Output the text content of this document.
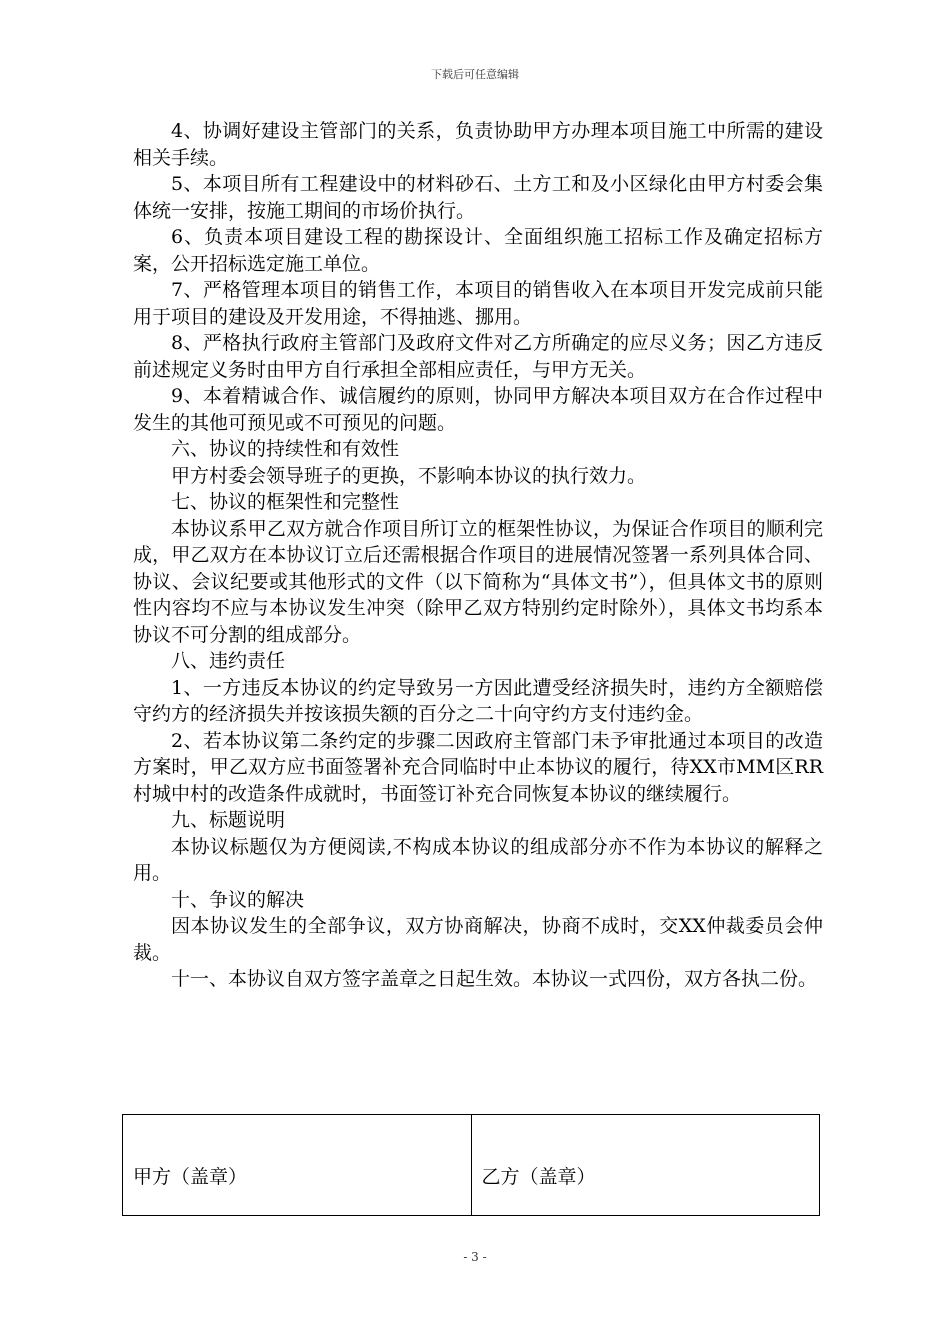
下载后可任意编辑

4、协调好建设主管部门的关系，负责协助甲方办理本项目施工中所需的建设相关手续。

5、本项目所有工程建设中的材料砂石、土方工和及小区绿化由甲方村委会集体统一安排，按施工期间的市场价执行。

6、负责本项目建设工程的勘探设计、全面组织施工招标工作及确定招标方案，公开招标选定施工单位。

7、严格管理本项目的销售工作，本项目的销售收入在本项目开发完成前只能用于项目的建设及开发用途，不得抽逃、挪用。

8、严格执行政府主管部门及政府文件对乙方所确定的应尽义务；因乙方违反前述规定义务时由甲方自行承担全部相应责任，与甲方无关。

9、本着精诚合作、诚信履约的原则，协同甲方解决本项目双方在合作过程中发生的其他可预见或不可预见的问题。

六、协议的持续性和有效性

甲方村委会领导班子的更换，不影响本协议的执行效力。

七、协议的框架性和完整性

本协议系甲乙双方就合作项目所订立的框架性协议，为保证合作项目的顺利完成，甲乙双方在本协议订立后还需根据合作项目的进展情况签署一系列具体合同、协议、会议纪要或其他形式的文件（以下简称为“具体文书”），但具体文书的原则性内容均不应与本协议发生冲突（除甲乙双方特别约定时除外），具体文书均系本协议不可分割的组成部分。

八、违约责任

1、一方违反本协议的约定导致另一方因此遭受经济损失时，违约方全额赔偿守约方的经济损失并按该损失额的百分之二十向守约方支付违约金。

2、若本协议第二条约定的步骤二因政府主管部门未予审批通过本项目的改造方案时，甲乙双方应书面签署补充合同临时中止本协议的履行，待XX市MM区RR村城中村的改造条件成就时，书面签订补充合同恢复本协议的继续履行。

九、标题说明

本协议标题仅为方便阅读,不构成本协议的组成部分亦不作为本协议的解释之用。

十、争议的解决

因本协议发生的全部争议，双方协商解决，协商不成时，交XX仲裁委员会仲裁。

十一、本协议自双方签字盖章之日起生效。本协议一式四份，双方各执二份。

甲方（盖章）	乙方（盖章）
- 3 -
